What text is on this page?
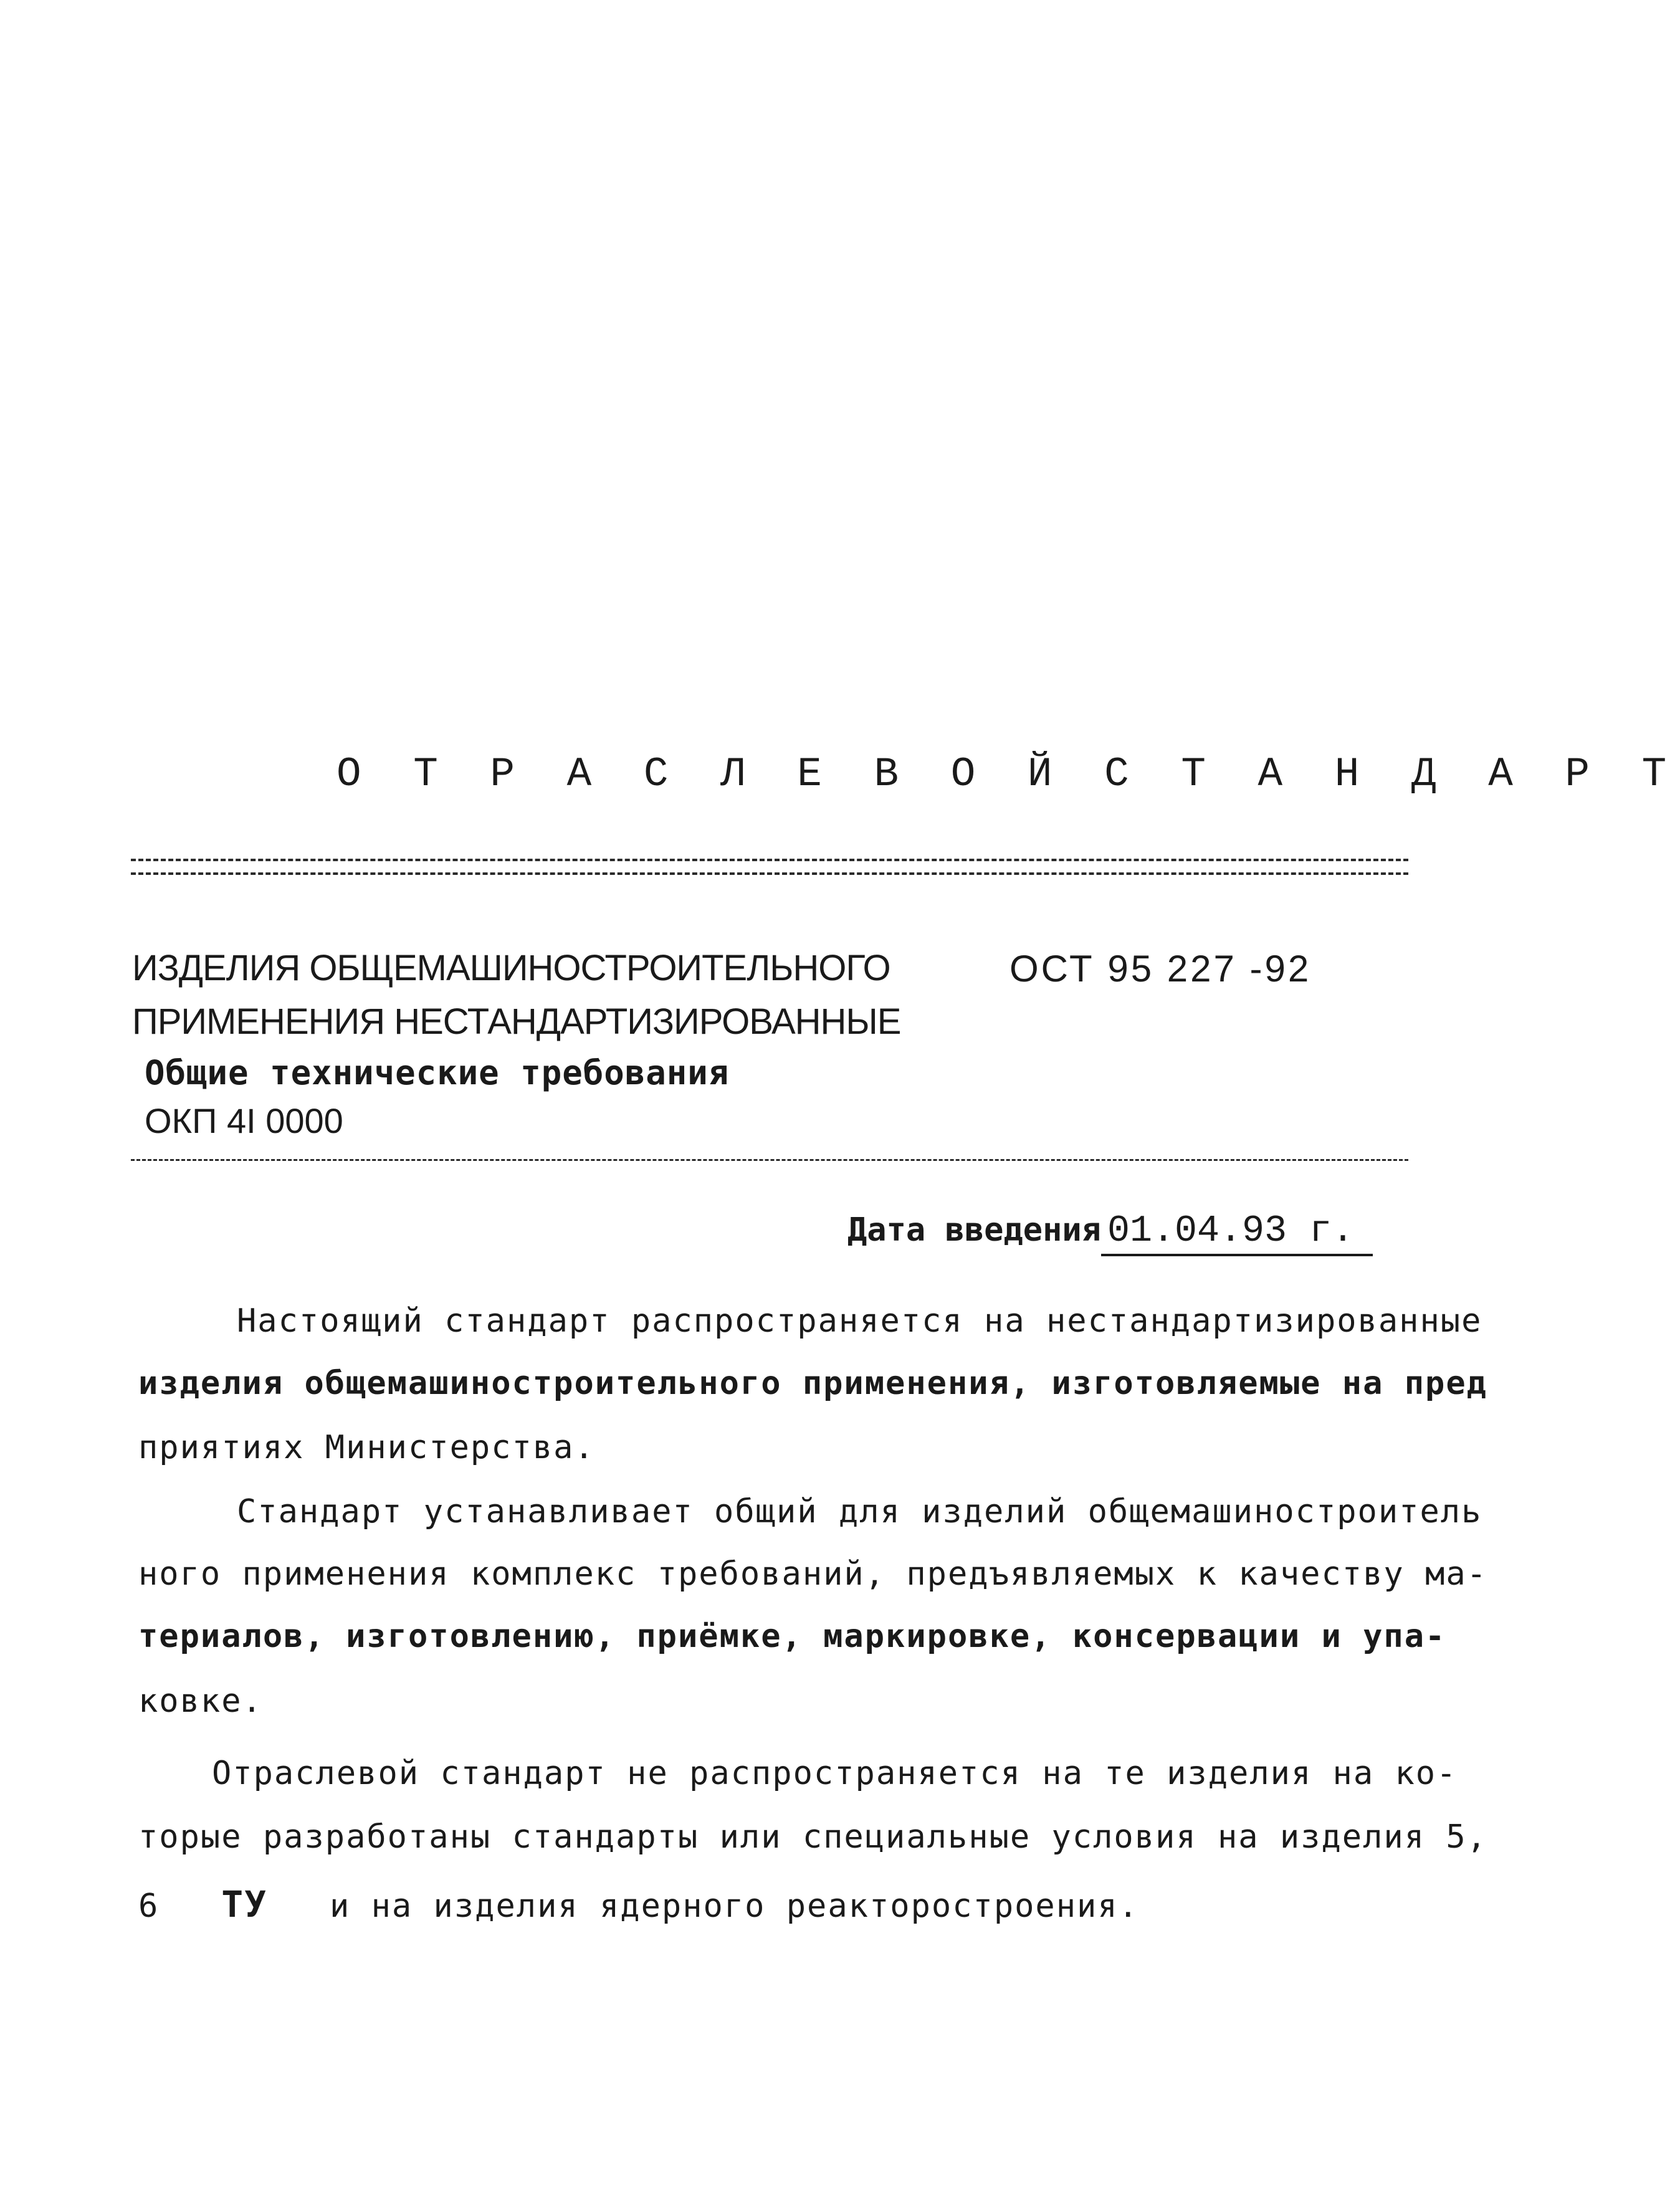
О Т Р А С Л Е В О Й С Т А Н Д А Р Т
ИЗДЕЛИЯ ОБЩЕМАШИНОСТРОИТЕЛЬНОГО
ПРИМЕНЕНИЯ НЕСТАНДАРТИЗИРОВАННЫЕ
Общие технические требования
ОКП 4I 0000
ОСТ 95 227 -92
Дата введения 01.04.93 г.
Настоящий стандарт распространяется на нестандартизированные
изделия общемашиностроительного применения, изготовляемые на пред
приятиях Министерства.
Стандарт устанавливает общий для изделий общемашиностроитель
ного применения комплекс требований, предъявляемых к качеству ма-
териалов, изготовлению, приёмке, маркировке, консервации и упа-
ковке.
Отраслевой стандарт не распространяется на те изделия на ко-
торые разработаны стандарты или специальные условия на изделия 5,
6 ТУ и на изделия ядерного реакторостроения.
